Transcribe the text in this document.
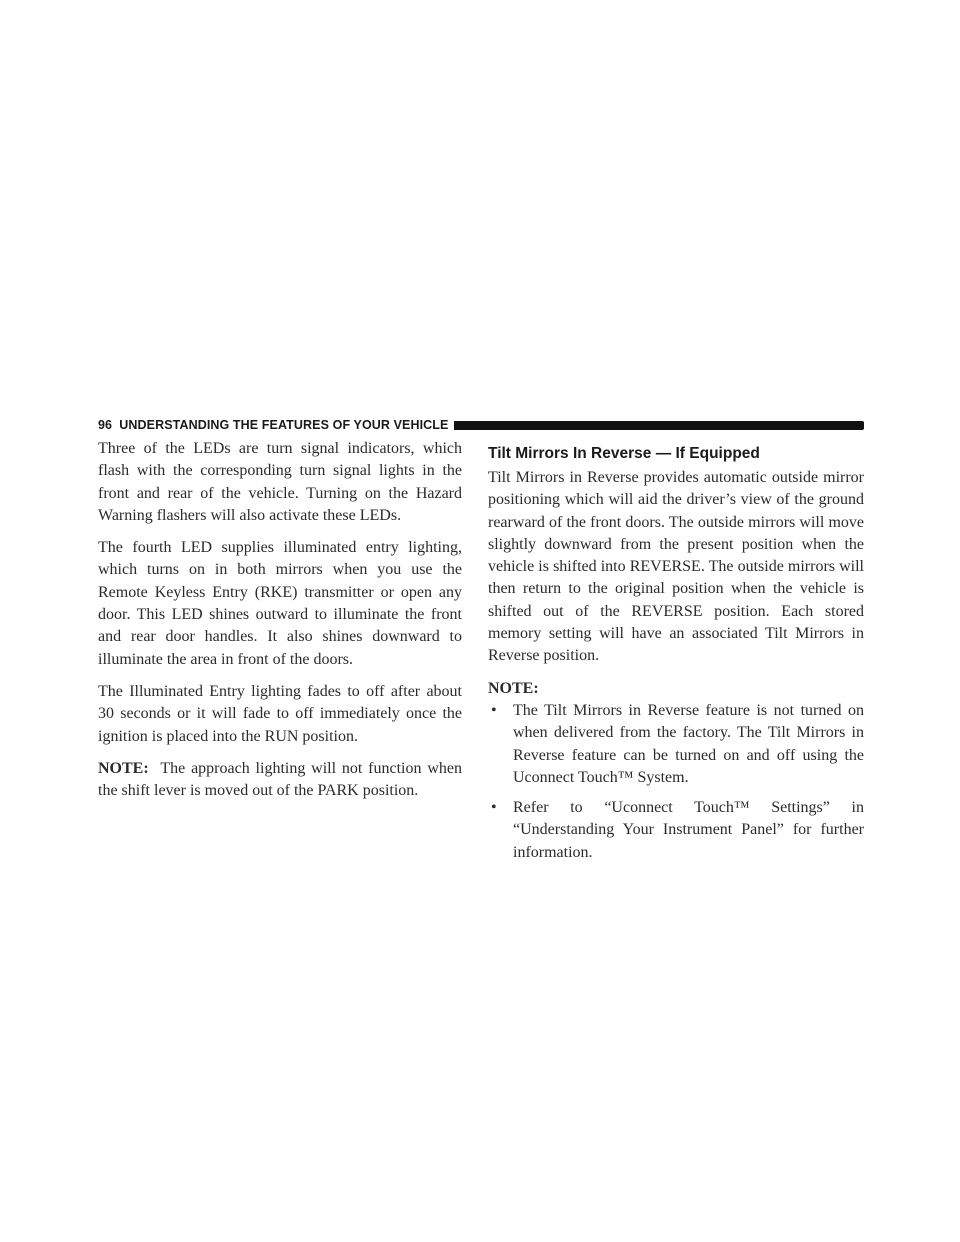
96 UNDERSTANDING THE FEATURES OF YOUR VEHICLE

Three of the LEDs are turn signal indicators, which flash with the corresponding turn signal lights in the front and rear of the vehicle. Turning on the Hazard Warning flashers will also activate these LEDs.

The fourth LED supplies illuminated entry lighting, which turns on in both mirrors when you use the Remote Keyless Entry (RKE) transmitter or open any door. This LED shines outward to illuminate the front and rear door handles. It also shines downward to illuminate the area in front of the doors.

The Illuminated Entry lighting fades to off after about 30 seconds or it will fade to off immediately once the ignition is placed into the RUN position.

NOTE: The approach lighting will not function when the shift lever is moved out of the PARK position.

Tilt Mirrors In Reverse — If Equipped

Tilt Mirrors in Reverse provides automatic outside mirror positioning which will aid the driver’s view of the ground rearward of the front doors. The outside mirrors will move slightly downward from the present position when the vehicle is shifted into REVERSE. The outside mirrors will then return to the original position when the vehicle is shifted out of the REVERSE position. Each stored memory setting will have an associated Tilt Mirrors in Reverse position.

NOTE:
• The Tilt Mirrors in Reverse feature is not turned on when delivered from the factory. The Tilt Mirrors in Reverse feature can be turned on and off using the Uconnect Touch™ System.
• Refer to “Uconnect Touch™ Settings” in “Understanding Your Instrument Panel” for further information.
